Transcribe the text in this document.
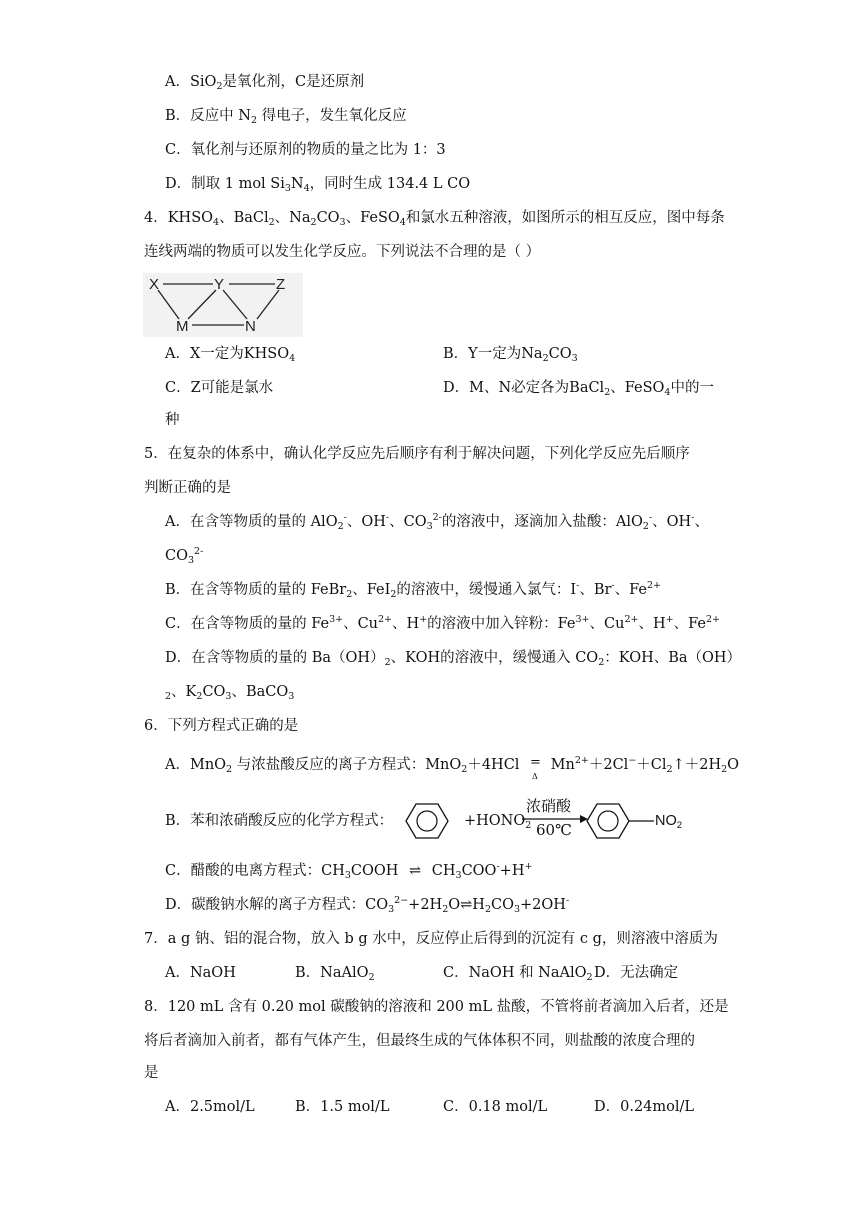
A．SiO$_2$是氧化剂，C是还原剂
B．反应中 $N_2$ 得电子，发生氧化反应
C．氧化剂与还原剂的物质的量之比为 1：3
D．制取 1 mol $Si_3N_4$，同时生成 134.4 L CO
4．$KHSO_4$、BaCl$_2$、$Na_2CO_3$、FeSO$_4$和氯水五种溶液，如图所示的相互反应，图中每条
连线两端的物质可以发生化学反应。下列说法不合理的是（ ）
X	Y	Z
M	N
A．X一定为$KHSO_4$	B．Y一定为$Na_2CO_3$
C．Z可能是氯水	D．M、N必定各为BaCl$_2$、FeSO$_4$中的一
种
5．在复杂的体系中，确认化学反应先后顺序有利于解决问题，下列化学反应先后顺序
判断正确的是
A．在含等物质的量的 AlO$_2$-、OH-、$CO_3^{2-}$的溶液中，逐滴加入盐酸：AlO$_2$-、OH-、
$CO_3^{2-}$
B．在含等物质的量的 FeBr$_2$、FeI$_2$的溶液中，缓慢通入氯气：I-、Br-、$Fe^{2+}$
C．在含等物质的量的 $Fe^{3+}$、$Cu^{2+}$、H+的溶液中加入锌粉：$Fe^{3+}$、$Cu^{2+}$、H+、$Fe^{2+}$
D．在含等物质的量的 $Ba(OH)_2$、KOH的溶液中，缓慢通入 $CO_2$：KOH、Ba（OH）
$_2$、$K_2CO_3$、BaCO$_3$
6．下列方程式正确的是
A．MnO$_2$ 与浓盐酸反应的离子方程式：MnO$_2$＋4HCl =
Δ
$Mn^{2+}+2Cl^-+Cl_2↑+2H_2O$
B．苯和浓硝酸反应的化学方程式：	$+HONO_2$
浓硝酸
60℃	$NO_2$
C．醋酸的电离方程式：$CH_3COOH$ ⇌ $CH_3COO^-+H^+$
D．碳酸钠水解的离子方程式：$CO_3^{2-}+2H_2O\rightleftharpoons H_2CO_3+2OH^-$
7．a g 钠、铝的混合物，放入 b g 水中，反应停止后得到的沉淀有 c g，则溶液中溶质为
A．NaOH	B．NaAlO$_2$	C．NaOH 和 NaAlO$_2$ D．无法确定
8．120 mL 含有 0.20 mol 碳酸钠的溶液和 200 mL 盐酸，不管将前者滴加入后者，还是
将后者滴加入前者，都有气体产生，但最终生成的气体体积不同，则盐酸的浓度合理的
是
A．2.5mol/L	B．1.5 mol/L	C．0.18 mol/L	D．0.24mol/L
